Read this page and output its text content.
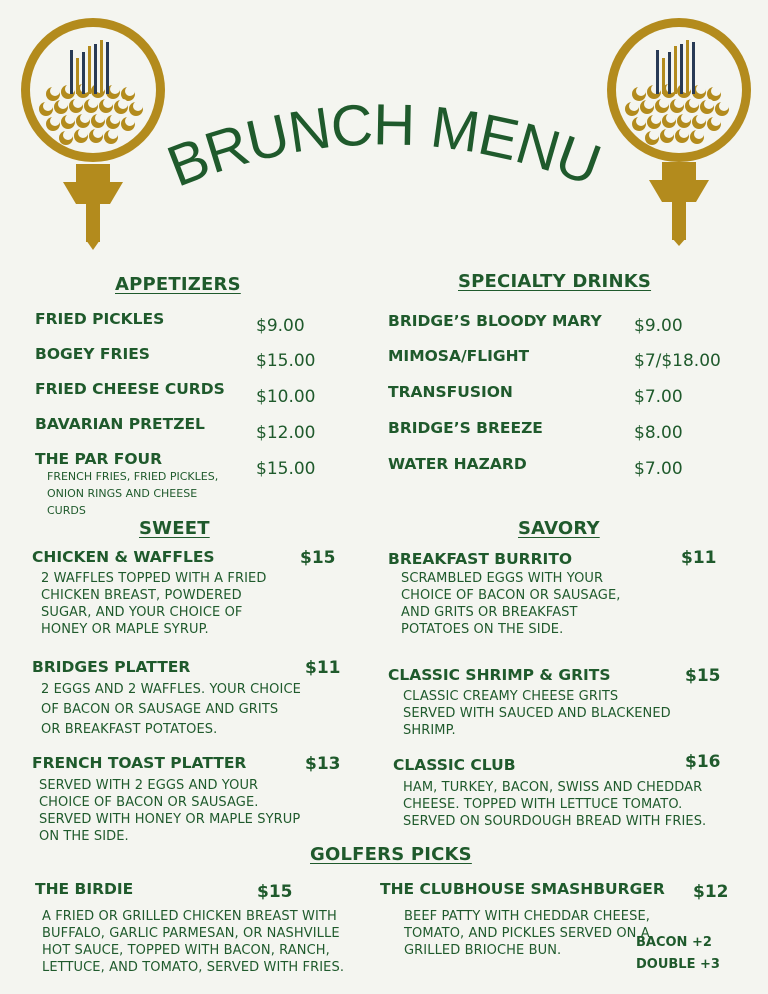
BRUNCH MENU
APPETIZERS	SPECIALTY DRINKS
SWEET	SAVORY
GOLFERS PICKS
FRIED PICKLES	$9.00
BOGEY FRIES	$15.00
FRIED CHEESE CURDS $10.00
BAVARIAN PRETZEL	$12.00
THE PAR FOUR	$15.00
FRENCH FRIES, FRIED PICKLES,
ONION RINGS AND CHEESE
CURDS
BRIDGE’S BLOODY MARY $9.00
MIMOSA/FLIGHT	$7/$18.00
TRANSFUSION	$7.00
BRIDGE’S BREEZE	$8.00
WATER HAZARD	$7.00
CHICKEN & WAFFLES	$15
2 WAFFLES TOPPED WITH A FRIED
CHICKEN BREAST, POWDERED
SUGAR, AND YOUR CHOICE OF
HONEY OR MAPLE SYRUP.
BRIDGES PLATTER	$11
2 EGGS AND 2 WAFFLES. YOUR CHOICE
OF BACON OR SAUSAGE AND GRITS
OR BREAKFAST POTATOES.
FRENCH TOAST PLATTER	$13
SERVED WITH 2 EGGS AND YOUR
CHOICE OF BACON OR SAUSAGE.
SERVED WITH HONEY OR MAPLE SYRUP
ON THE SIDE.
BREAKFAST BURRITO	$11
SCRAMBLED EGGS WITH YOUR
CHOICE OF BACON OR SAUSAGE,
AND GRITS OR BREAKFAST
POTATOES ON THE SIDE.
CLASSIC SHRIMP & GRITS	$15
CLASSIC CREAMY CHEESE GRITS
SERVED WITH SAUCED AND BLACKENED
SHRIMP.
CLASSIC CLUB	$16
HAM, TURKEY, BACON, SWISS AND CHEDDAR
CHEESE. TOPPED WITH LETTUCE TOMATO.
SERVED ON SOURDOUGH BREAD WITH FRIES.
THE BIRDIE	$15
A FRIED OR GRILLED CHICKEN BREAST WITH
BUFFALO, GARLIC PARMESAN, OR NASHVILLE
HOT SAUCE, TOPPED WITH BACON, RANCH,
LETTUCE, AND TOMATO, SERVED WITH FRIES.
THE CLUBHOUSE SMASHBURGER $12
BEEF PATTY WITH CHEDDAR CHEESE,
TOMATO, AND PICKLES SERVED ON A
GRILLED BRIOCHE BUN.
BACON +2
DOUBLE +3
